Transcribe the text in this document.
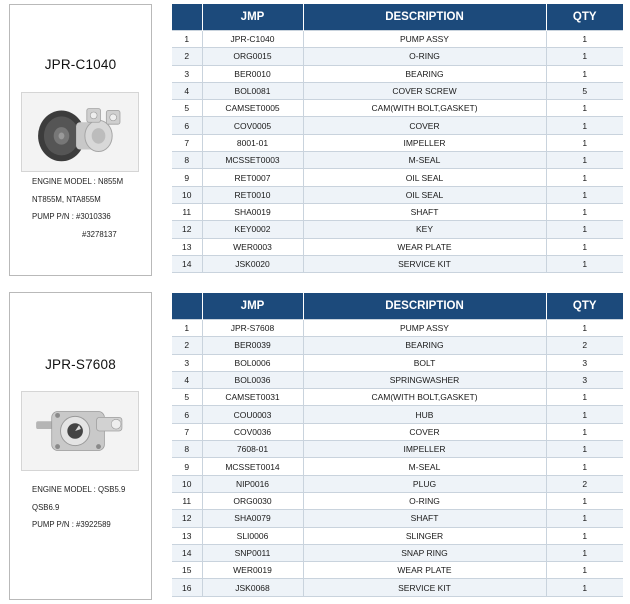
JPR-C1040
ENGINE MODEL : N855M
NT855M, NTA855M
PUMP P/N : #3010336
#3278137
	JMP	DESCRIPTION	QTY
1	JPR-C1040	PUMP ASSY	1
2	ORG0015	O-RING	1
3	BER0010	BEARING	1
4	BOL0081	COVER SCREW	5
5	CAMSET0005	CAM(WITH BOLT,GASKET)	1
6	COV0005	COVER	1
7	8001-01	IMPELLER	1
8	MCSSET0003	M-SEAL	1
9	RET0007	OIL SEAL	1
10	RET0010	OIL SEAL	1
11	SHA0019	SHAFT	1
12	KEY0002	KEY	1
13	WER0003	WEAR PLATE	1
14	JSK0020	SERVICE KIT	1
JPR-S7608
ENGINE MODEL : QSB5.9
QSB6.9
PUMP P/N : #3922589
	JMP	DESCRIPTION	QTY
1	JPR-S7608	PUMP ASSY	1
2	BER0039	BEARING	2
3	BOL0006	BOLT	3
4	BOL0036	SPRINGWASHER	3
5	CAMSET0031	CAM(WITH BOLT,GASKET)	1
6	COU0003	HUB	1
7	COV0036	COVER	1
8	7608-01	IMPELLER	1
9	MCSSET0014	M-SEAL	1
10	NIP0016	PLUG	2
11	ORG0030	O-RING	1
12	SHA0079	SHAFT	1
13	SLI0006	SLINGER	1
14	SNP0011	SNAP RING	1
15	WER0019	WEAR PLATE	1
16	JSK0068	SERVICE KIT	1
